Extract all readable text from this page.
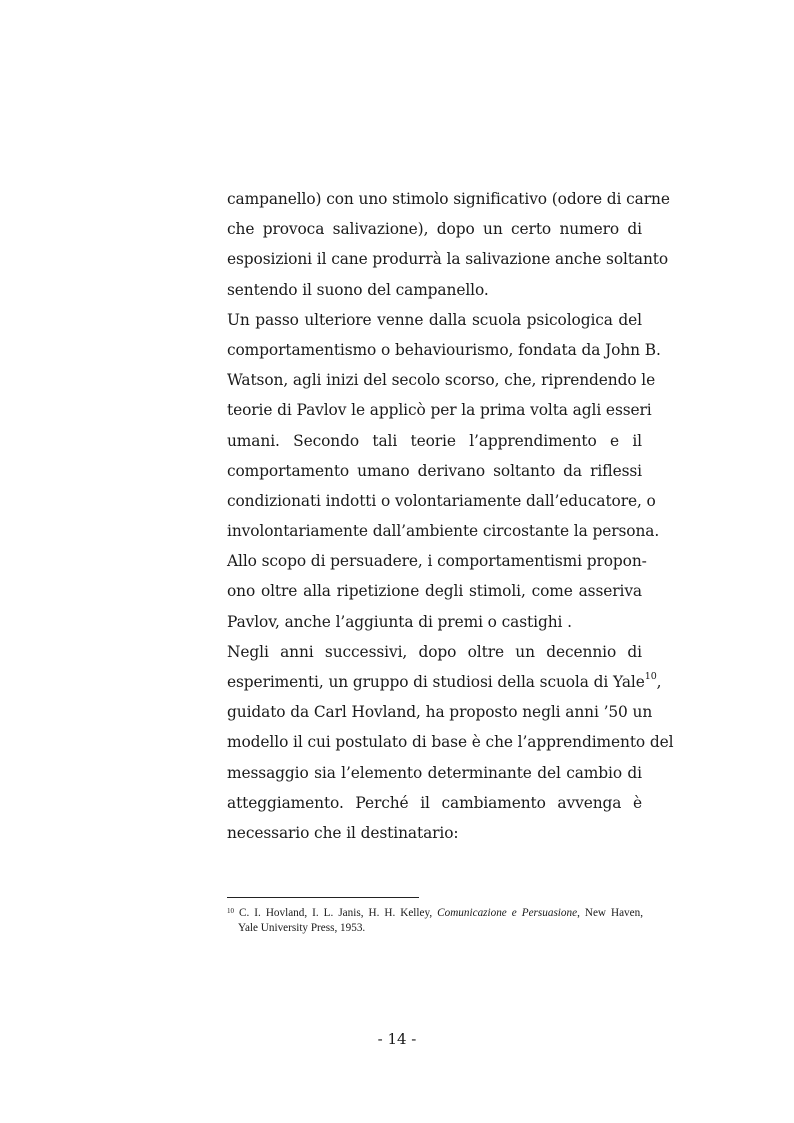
campanello) con uno stimolo significativo (odore di carne
che provoca salivazione), dopo un certo numero di
esposizioni il cane produrrà la salivazione anche soltanto
sentendo il suono del campanello.
Un passo ulteriore venne dalla scuola psicologica del
comportamentismo o behaviourismo, fondata da John B.
Watson, agli inizi del secolo scorso, che, riprendendo le
teorie di Pavlov le applicò per la prima volta agli esseri
umani. Secondo tali teorie l’apprendimento e il
comportamento umano derivano soltanto da riflessi
condizionati indotti o volontariamente dall’educatore, o
involontariamente dall’ambiente circostante la persona.
Allo scopo di persuadere, i comportamentismi propon-
ono oltre alla ripetizione degli stimoli, come asseriva
Pavlov, anche l’aggiunta di premi o castighi .
Negli anni successivi, dopo oltre un decennio di
esperimenti, un gruppo di studiosi della scuola di Yale$^{10}$,
guidato da Carl Hovland, ha proposto negli anni ’50 un
modello il cui postulato di base è che l’apprendimento del
messaggio sia l’elemento determinante del cambio di
atteggiamento. Perché il cambiamento avvenga è
necessario che il destinatario:
$^{10}$ C. I. Hovland, I. L. Janis, H. H. Kelley, Comunicazione e Persuasione, New Haven,
Yale University Press, 1953.
- 14 -
